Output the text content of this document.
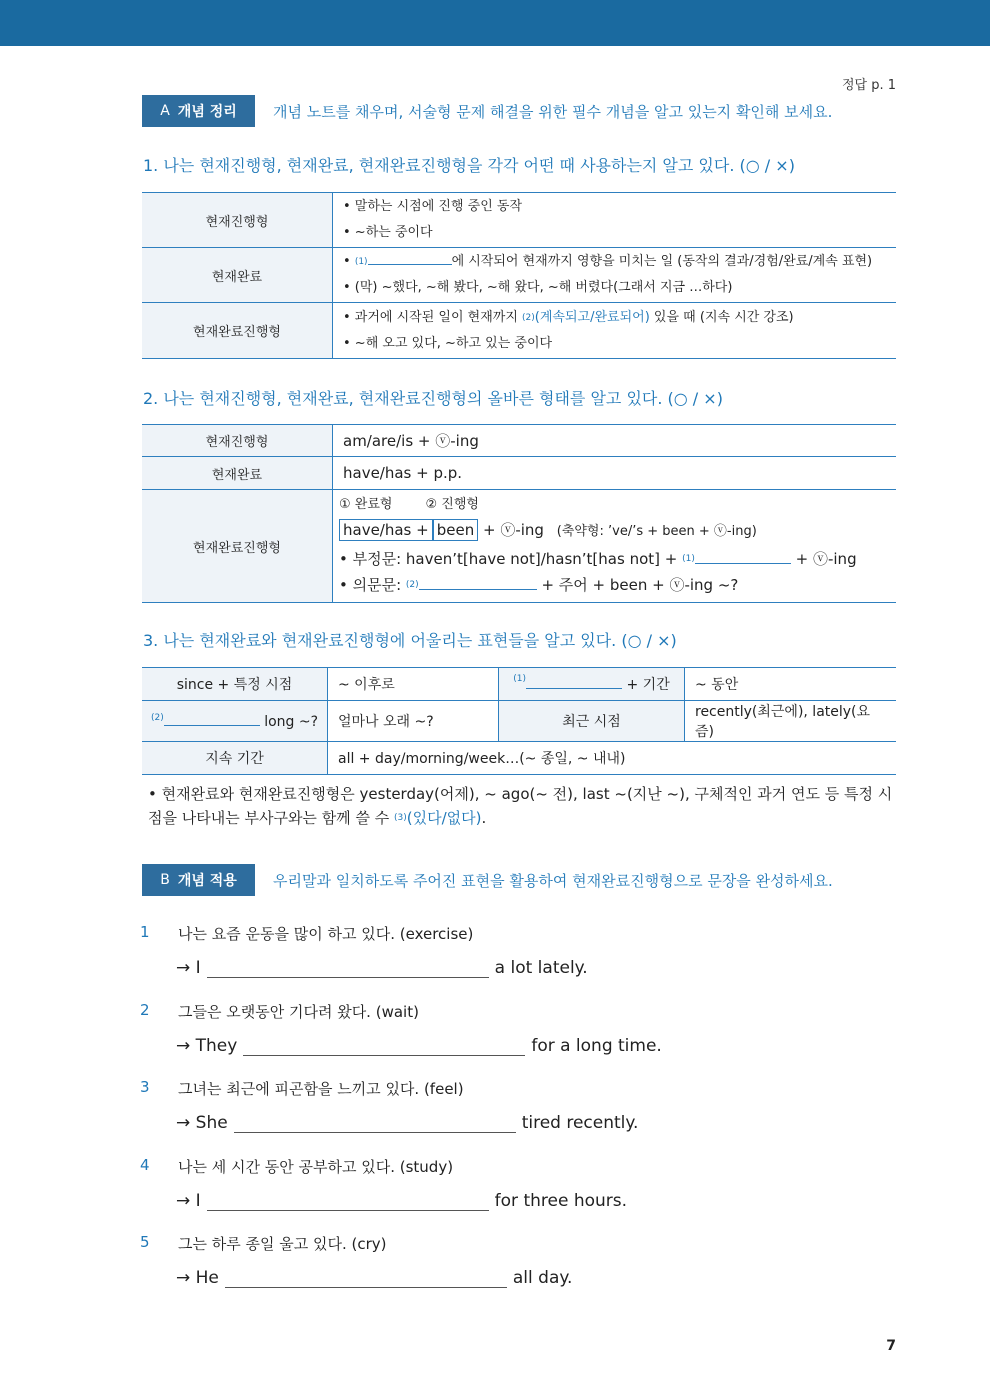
정답 p. 1
A 개념 정리 개념 노트를 채우며, 서술형 문제 해결을 위한 필수 개념을 알고 있는지 확인해 보세요.
1. 나는 현재진행형, 현재완료, 현재완료진행형을 각각 어떤 때 사용하는지 알고 있다. (○ / ×)
현재진행형	• 말하는 시점에 진행 중인 동작
• ~하는 중이다

현재완료	• $^{(1)}$ 에 시작되어 현재까지 영향을 미치는 일 (동작의 결과/경험/완료/계속 표현)
• (막) ~했다, ~해 봤다, ~해 왔다, ~해 버렸다(그래서 지금 …하다)

현재완료진행형	• 과거에 시작된 일이 현재까지 $^{(2)}$(계속되고/완료되어) 있을 때 (지속 시간 강조)
• ~해 오고 있다, ~하고 있는 중이다
2. 나는 현재진행형, 현재완료, 현재완료진행형의 올바른 형태를 알고 있다. (○ / ×)
현재진행형	am/are/is + ⓥ-ing
현재완료	have/has + p.p.
현재완료진행형	① 완료형        ② 진행형
have/has + been + ⓥ-ing (축약형: ’ve/’s + been + ⓥ-ing)
• 부정문: haven’t[have not]/hasn’t[has not] + $^{(1)}$ + ⓥ-ing
• 의문문: $^{(2)}$ + 주어 + been + ⓥ-ing ~?
3. 나는 현재완료와 현재완료진행형에 어울리는 표현들을 알고 있다. (○ / ×)
since + 특정 시점	~ 이후로	$^{(1)}$ + 기간	~ 동안
$^{(2)}$ long ~?	얼마나 오래 ~?	최근 시점	recently(최근에), lately(요즘)
지속 기간	all + day/morning/week…(~ 종일, ~ 내내)		
• 현재완료와 현재완료진행형은 yesterday(어제), ~ ago(~ 전), last ~(지난 ~), 구체적인 과거 연도 등 특정 시점을 나타내는 부사구와는 함께 쓸 수 $^{(3)}$(있다/없다).
B 개념 적용 우리말과 일치하도록 주어진 표현을 활용하여 현재완료진행형으로 문장을 완성하세요.
1	나는 요즘 운동을 많이 하고 있다. (exercise)
→ I	a lot lately.
2	그들은 오랫동안 기다려 왔다. (wait)
→ They	for a long time.
3	그녀는 최근에 피곤함을 느끼고 있다. (feel)
→ She	tired recently.
4	나는 세 시간 동안 공부하고 있다. (study)
→ I	for three hours.
5	그는 하루 종일 울고 있다. (cry)
→ He	all day.
7
